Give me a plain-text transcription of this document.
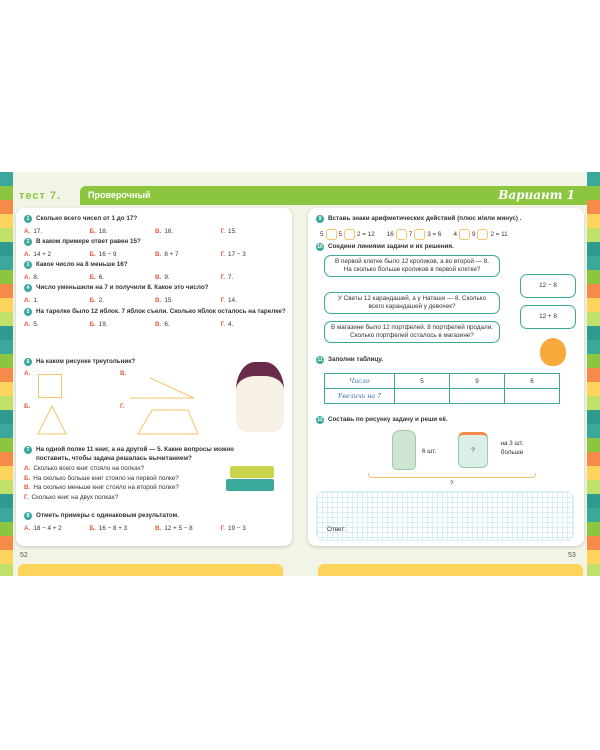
тест 7.	Проверочный	Вариант 1
1	Сколько всего чисел от 1 до 17?
А. 17.	Б. 18.	В. 16.	Г. 15.
2	В каком примере ответ равен 15?
А. 14 + 2	Б. 16 − 9	В. 8 + 7	Г. 17 − 3
3	Какое число на 8 меньше 16?
А. 8.	Б. 6.	В. 9.	Г. 7.
4	Число уменьшили на 7 и получили 8. Какое это число?
А. 1.	Б. 2.	В. 15.	Г. 14.
5	На тарелке было 12 яблок. 7 яблок съели. Сколько яблок осталось на тарелке?
А. 5.	Б. 19.	В. 6.	Г. 4.
6	На каком рисунке треугольник?
А.	В.
Б.	Г.
7	На одной полке 11 книг, а на другой — 5. Какие вопросы можно поставить, чтобы задача решалась вычитанием?
А. Сколько всего книг стояло на полках?
Б. На сколько больше книг стояло на первой полке?
В. На сколько меньше книг стояло на второй полке?
Г. Сколько книг на двух полках?
8	Отметь примеры с одинаковым результатом.
А. 18 − 4 + 2	Б. 16 − 8 + 3	В. 12 + 5 − 8	Г. 19 − 3
52
9	Вставь знаки арифметических действий (плюс и/или минус) .
5 5 2 = 12 16 7 3 = 6 4 9 2 = 11
10 Соедини линиями задачи и их решения.
В первой клетке было 12 кроликов, а во второй — 8. На сколько больше кроликов в первой клетке?
У Светы 12 карандашей, а у Наташи — 8. Сколько всего карандашей у девочек?
В магазине было 12 портфелей. 8 портфелей продали. Сколько портфелей осталось в магазине?
12 − 8
12 + 8
11 Заполни таблицу.
Число	5	9	6
Увеличь на 7			
12 Составь по рисунку задачу и реши её.
6 шт.	?
на 3 шт. больше
?
Ответ:
53
